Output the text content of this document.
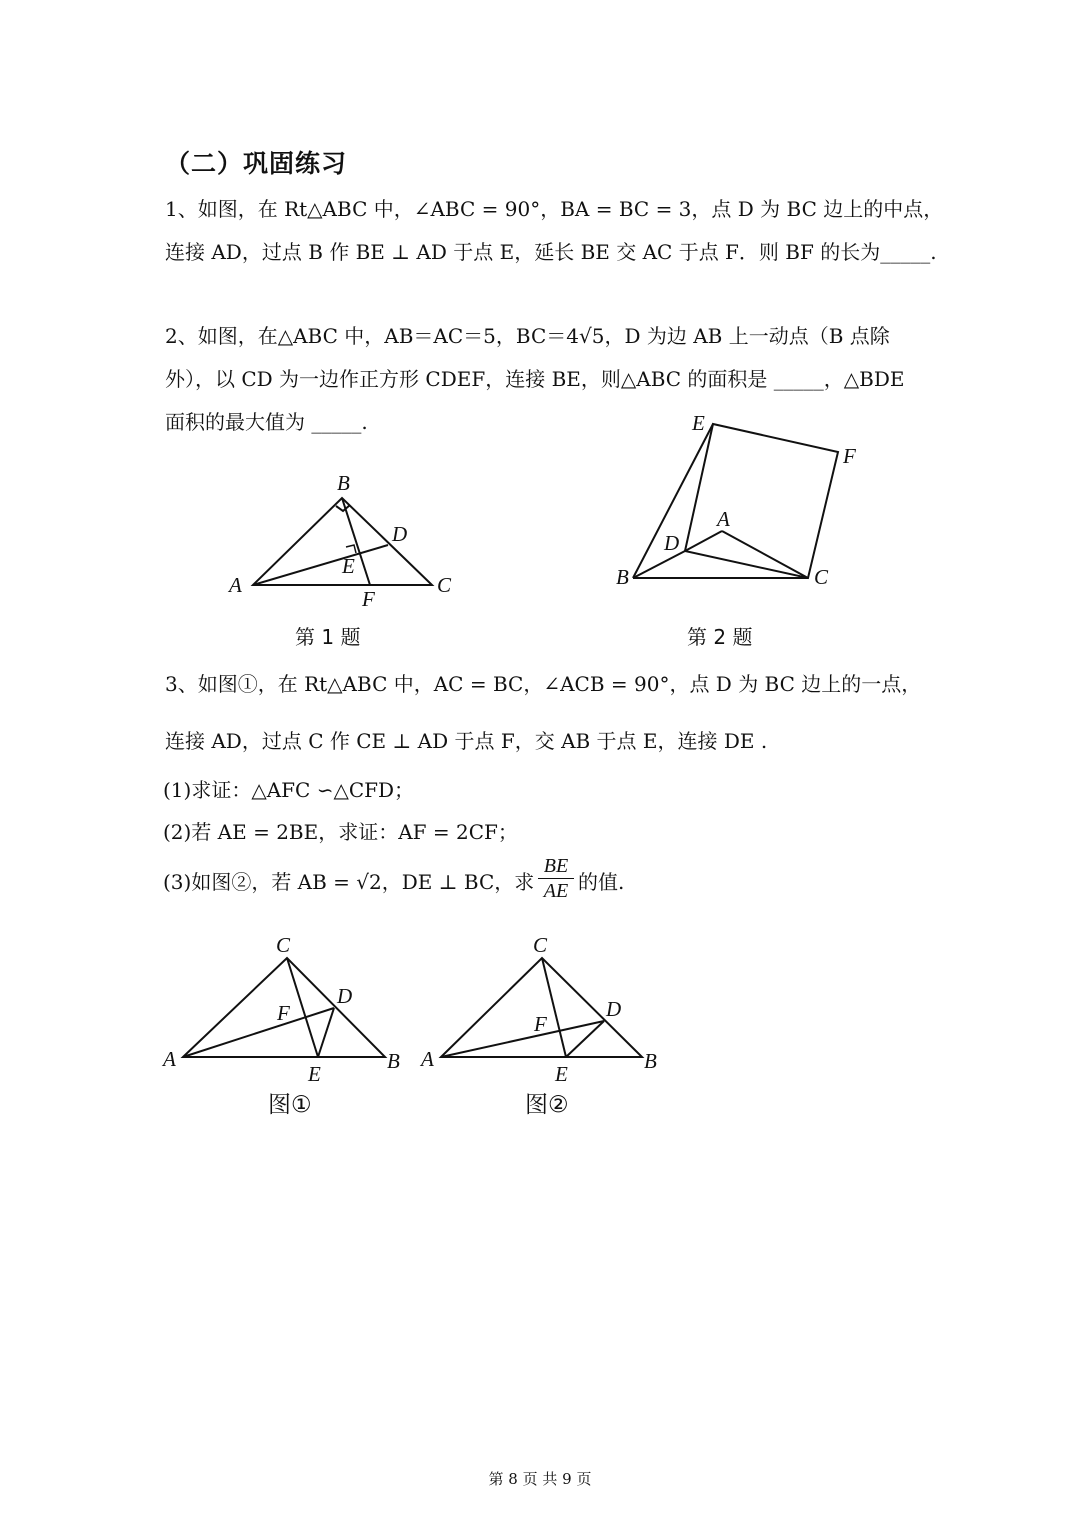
（二）巩固练习
1、如图，在 Rt△ABC 中，∠ABC = 90°，BA = BC = 3，点 D 为 BC 边上的中点，
连接 AD，过点 B 作 BE ⊥ AD 于点 E，延长 BE 交 AC 于点 F．则 BF 的长为_____.
2、如图，在△ABC 中，AB＝AC＝5，BC＝4√5，D 为边 AB 上一动点（B 点除
外），以 CD 为一边作正方形 CDEF，连接 BE，则△ABC 的面积是 _____，△BDE
面积的最大值为 _____.
A
B
C
D
E
F
第 1 题
E
F
A
D
B	C
第 2 题
3、如图①，在 Rt△ABC 中，AC = BC，∠ACB = 90°，点 D 为 BC 边上的一点，
连接 AD，过点 C 作 CE ⊥ AD 于点 F，交 AB 于点 E，连接 DE .
(1)求证：△AFC ∽△CFD；
(2)若 AE = 2BE，求证：AF = 2CF；
(3)如图②，若 AB = √2，DE ⊥ BC，求
BE
AE 的值.
C
D
F
A	B
E
图①
C
D
F
A	B
E
图②
第 8 页 共 9 页
